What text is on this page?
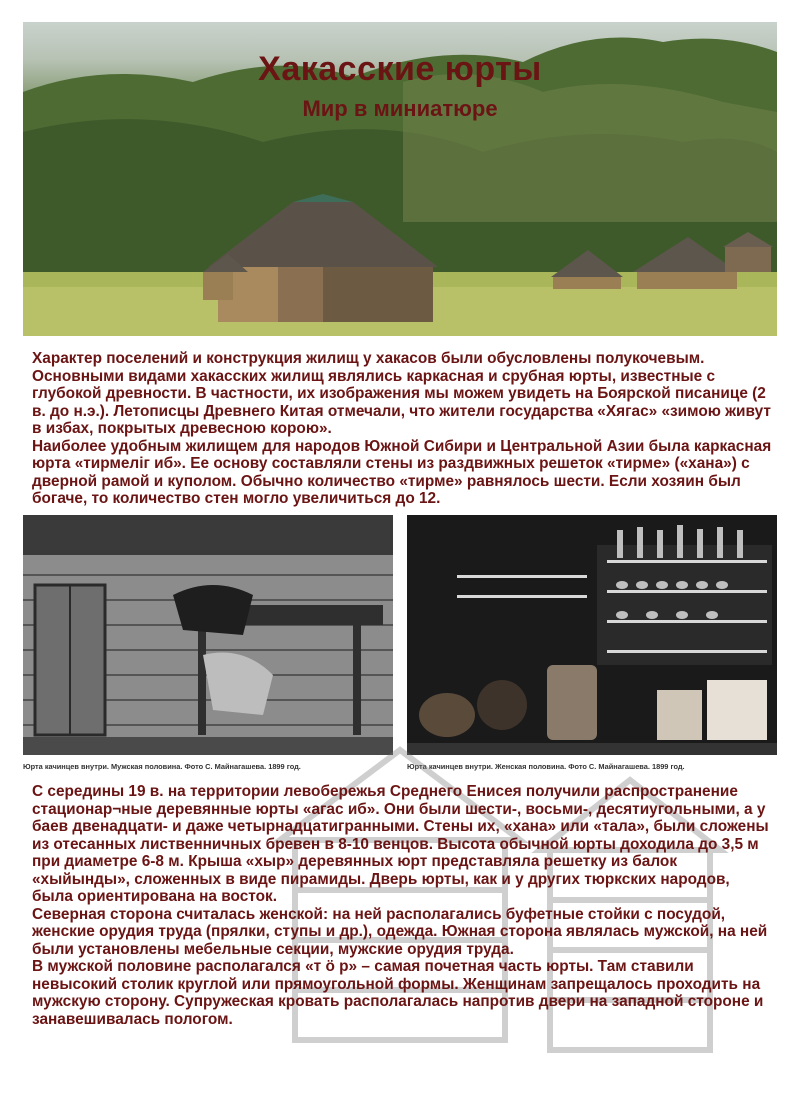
Хакасские юрты
Мир в миниатюре

Характер поселений и конструкция жилищ у хакасов были обусловлены полукочевым. Основными видами хакасских жилищ являлись каркасная и срубная юрты, известные с глубокой древности. В частности, их изображения мы можем увидеть на Боярской писанице (2 в. до н.э.). Летописцы Древнего Китая отмечали, что жители государства «Хягас» «зимою живут в избах, покрытых древесною корою».

Наиболее удобным жилищем для народов Южной Сибири и Центральной Азии была каркасная юрта «тирмелiг иб». Ее основу составляли стены из раздвижных решеток «тирме» («хана») с дверной рамой и куполом. Обычно количество «тирме» равнялось шести. Если хозяин был богаче, то количество стен могло увеличиться до 12.

Юрта качинцев внутри. Мужская половина. Фото С. Майнагашева. 1899 год.	Юрта качинцев внутри. Женская половина. Фото С. Майнагашева. 1899 год.

С середины 19 в. на территории левобережья Среднего Енисея получили распространение стационар¬ные деревянные юрты «агас иб». Они были шести-, восьми-, десятиугольными, а у баев двенадцати- и даже четырнадцатигранными. Стены их, «хана» или «тала», были сложены из отесанных лиственничных бревен в 8-10 венцов. Высота обычной юрты доходила до 3,5 м при диаметре 6-8 м. Крыша «хыр» деревянных юрт представляла решетку из балок «хыйынды», сложенных в виде пирамиды. Дверь юрты, как и у других тюркских народов, была ориентирована на восток.

Северная сторона считалась женской: на ней располагались буфетные стойки с посудой, женские орудия труда (прялки, ступы и др.), одежда. Южная сторона являлась мужской, на ней были установлены мебельные секции, мужские орудия труда.

В мужской половине располагался «т ӧ р» – самая почетная часть юрты. Там ставили невысокий столик круглой или прямоугольной формы. Женщинам запрещалось проходить на мужскую сторону. Супружеская кровать располагалась напротив двери на западной стороне и занавешивалась пологом.
